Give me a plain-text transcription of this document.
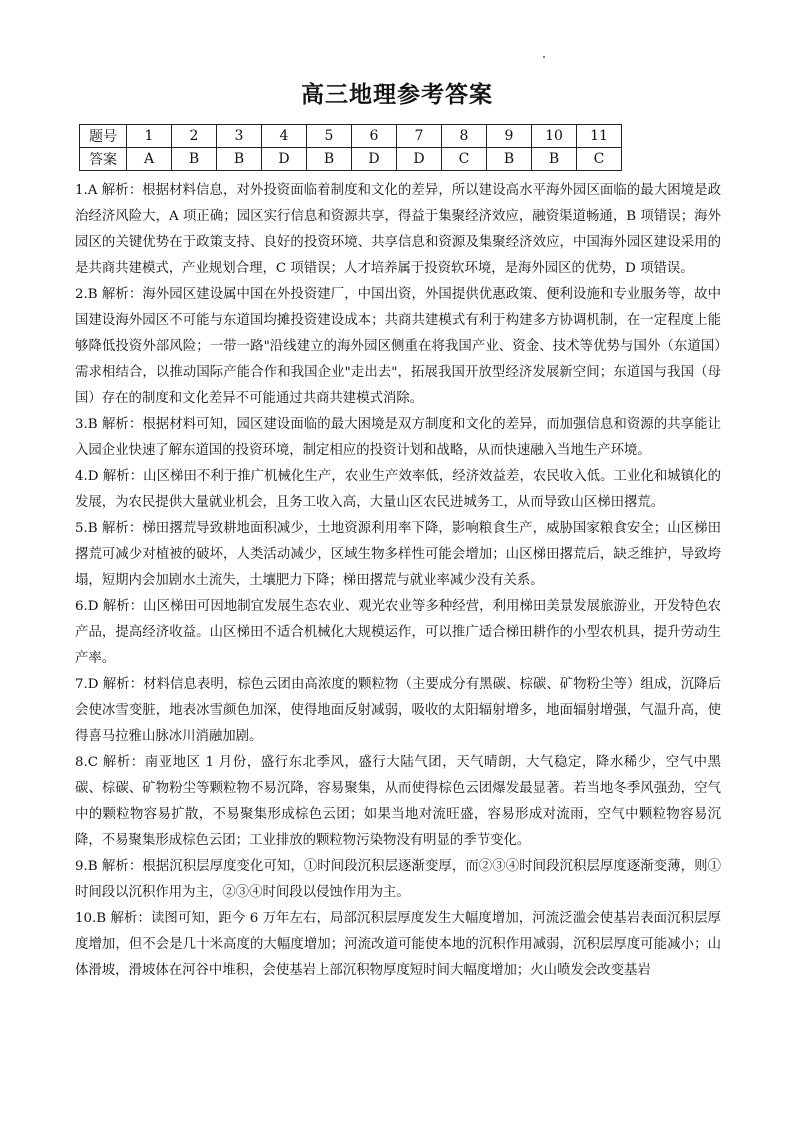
高三地理参考答案
题号	1	2	3	4	5	6	7	8	9	10	11
答案	A	B	B	D	B	D	D	C	B	B	C

1.A 解析：根据材料信息，对外投资面临着制度和文化的差异，所以建设高水平海外园区面临的最大困境是政治经济风险大，A 项正确；园区实行信息和资源共享，得益于集聚经济效应，融资渠道畅通，B 项错误；海外园区的关键优势在于政策支持、良好的投资环境、共享信息和资源及集聚经济效应，中国海外园区建设采用的是共商共建模式，产业规划合理，C 项错误；人才培养属于投资软环境，是海外园区的优势，D 项错误。

2.B 解析：海外园区建设属中国在外投资建厂，中国出资，外国提供优惠政策、便利设施和专业服务等，故中国建设海外园区不可能与东道国均摊投资建设成本；共商共建模式有利于构建多方协调机制，在一定程度上能够降低投资外部风险；一带一路"沿线建立的海外园区侧重在将我国产业、资金、技术等优势与国外（东道国）需求相结合，以推动国际产能合作和我国企业"走出去"，拓展我国开放型经济发展新空间；东道国与我国（母国）存在的制度和文化差异不可能通过共商共建模式消除。

3.B 解析：根据材料可知，园区建设面临的最大困境是双方制度和文化的差异，而加强信息和资源的共享能让入园企业快速了解东道国的投资环境，制定相应的投资计划和战略，从而快速融入当地生产环境。

4.D 解析：山区梯田不利于推广机械化生产，农业生产效率低，经济效益差，农民收入低。工业化和城镇化的发展，为农民提供大量就业机会，且务工收入高，大量山区农民进城务工，从而导致山区梯田撂荒。

5.B 解析：梯田撂荒导致耕地面积减少，土地资源利用率下降，影响粮食生产，威胁国家粮食安全；山区梯田撂荒可减少对植被的破坏，人类活动减少，区域生物多样性可能会增加；山区梯田撂荒后，缺乏维护，导致垮塌，短期内会加剧水土流失，土壤肥力下降；梯田撂荒与就业率减少没有关系。

6.D 解析：山区梯田可因地制宜发展生态农业、观光农业等多种经营，利用梯田美景发展旅游业，开发特色农产品，提高经济收益。山区梯田不适合机械化大规模运作，可以推广适合梯田耕作的小型农机具，提升劳动生产率。

7.D 解析：材料信息表明，棕色云团由高浓度的颗粒物（主要成分有黑碳、棕碳、矿物粉尘等）组成，沉降后会使冰雪变脏，地表冰雪颜色加深，使得地面反射减弱，吸收的太阳辐射增多，地面辐射增强，气温升高，使得喜马拉雅山脉冰川消融加剧。

8.C 解析：南亚地区 1 月份，盛行东北季风，盛行大陆气团，天气晴朗，大气稳定，降水稀少，空气中黑碳、棕碳、矿物粉尘等颗粒物不易沉降，容易聚集，从而使得棕色云团爆发最显著。若当地冬季风强劲，空气中的颗粒物容易扩散，不易聚集形成棕色云团；如果当地对流旺盛，容易形成对流雨，空气中颗粒物容易沉降，不易聚集形成棕色云团；工业排放的颗粒物污染物没有明显的季节变化。

9.B 解析：根据沉积层厚度变化可知，①时间段沉积层逐渐变厚，而②③④时间段沉积层厚度逐渐变薄，则①时间段以沉积作用为主，②③④时间段以侵蚀作用为主。

10.B 解析：读图可知，距今 6 万年左右，局部沉积层厚度发生大幅度增加，河流泛滥会使基岩表面沉积层厚度增加，但不会是几十米高度的大幅度增加；河流改道可能使本地的沉积作用减弱，沉积层厚度可能减小；山体滑坡，滑坡体在河谷中堆积，会使基岩上部沉积物厚度短时间大幅度增加；火山喷发会改变基岩
